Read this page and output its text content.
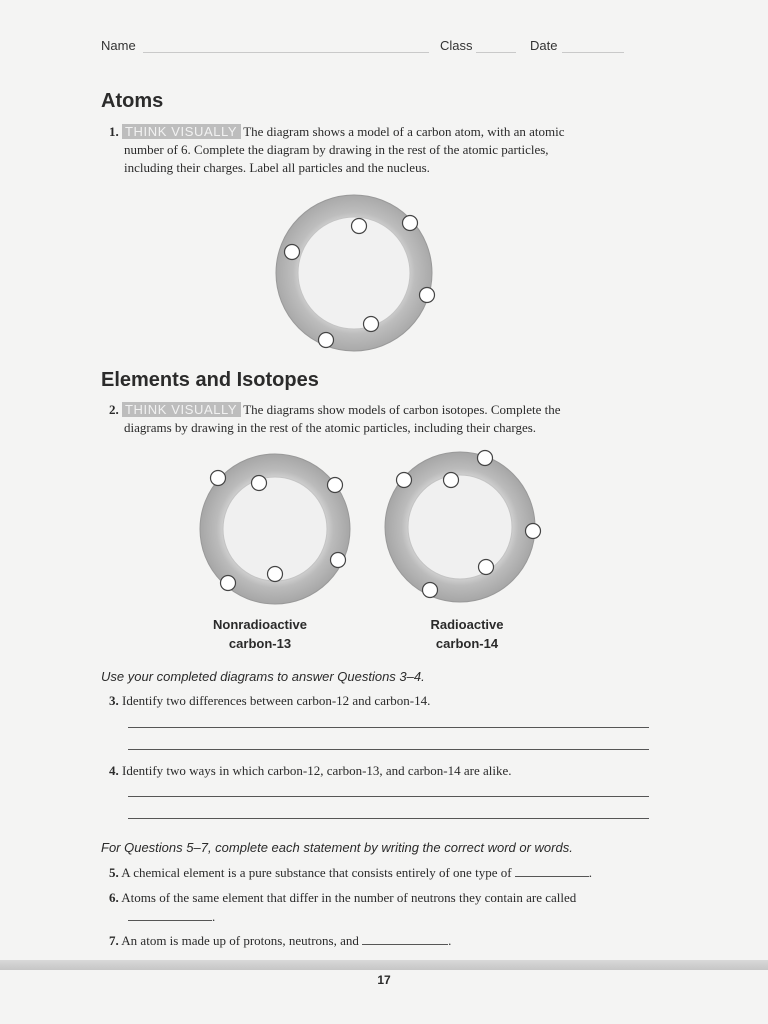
Name	Class	Date
Atoms
1. THINK VISUALLY The diagram shows a model of a carbon atom, with an atomic
number of 6. Complete the diagram by drawing in the rest of the atomic particles,
including their charges. Label all particles and the nucleus.
Elements and Isotopes
2. THINK VISUALLY The diagrams show models of carbon isotopes. Complete the
diagrams by drawing in the rest of the atomic particles, including their charges.
Nonradioactive
carbon-13
Radioactive
carbon-14
Use your completed diagrams to answer Questions 3–4.
3. Identify two differences between carbon-12 and carbon-14.
4. Identify two ways in which carbon-12, carbon-13, and carbon-14 are alike.
For Questions 5–7, complete each statement by writing the correct word or words.
5. A chemical element is a pure substance that consists entirely of one type of	.
6. Atoms of the same element that differ in the number of neutrons they contain are called
.
7. An atom is made up of protons, neutrons, and	.
17
